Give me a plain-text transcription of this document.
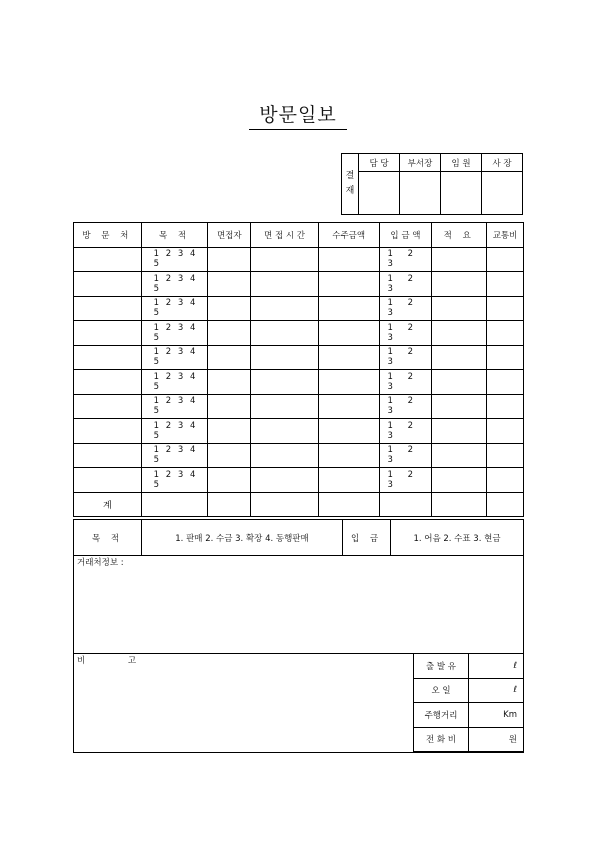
방문일보
결재	담 당	부서장	임 원	사 장

방 문 처	목 적	면접자	면 접 시 간	수주금액	입 금 액	적 요	교통비
	1 2 3 4 5				1 2 3		
	1 2 3 4 5				1 2 3		
	1 2 3 4 5				1 2 3		
	1 2 3 4 5				1 2 3		
	1 2 3 4 5				1 2 3		
	1 2 3 4 5				1 2 3		
	1 2 3 4 5				1 2 3		
	1 2 3 4 5				1 2 3		
	1 2 3 4 5				1 2 3		
	1 2 3 4 5				1 2 3		
계							
목 적	1. 판매 2. 수금 3. 확장 4. 동행판매	입 금	1. 어음 2. 수표 3. 현금
거래처정보 :
비 고
출 발 유	ℓ
오 일	ℓ
주행거리	Km
전 화 비	원
